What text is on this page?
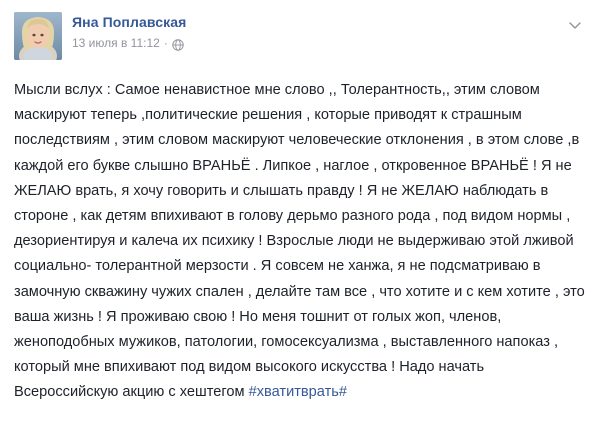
Яна Поплавская
13 июля в 11:12 ·
Мысли вслух : Самое ненавистное мне слово ,, Толерантность,, этим словом маскируют теперь ,политические решения , которые приводят к страшным последствиям , этим словом маскируют человеческие отклонения , в этом слове ,в каждой его букве слышно ВРАНЬЁ . Липкое , наглое , откровенное ВРАНЬЁ ! Я не ЖЕЛАЮ врать, я хочу говорить и слышать правду ! Я не ЖЕЛАЮ наблюдать в стороне , как детям впихивают в голову дерьмо разного рода , под видом нормы , дезориентируя и калеча их психику ! Взрослые люди не выдерживаю этой лживой социально- толерантной мерзости . Я совсем не ханжа, я не подсматриваю в замочную скважину чужих спален , делайте там все , что хотите и с кем хотите , это ваша жизнь ! Я проживаю свою ! Но меня тошнит от голых жоп, членов, женоподобных мужиков, патологии, гомосексуализма , выставленного напоказ , который мне впихивают под видом высокого искусства ! Надо начать Всероссийскую акцию с хештегом #хватитврать#
